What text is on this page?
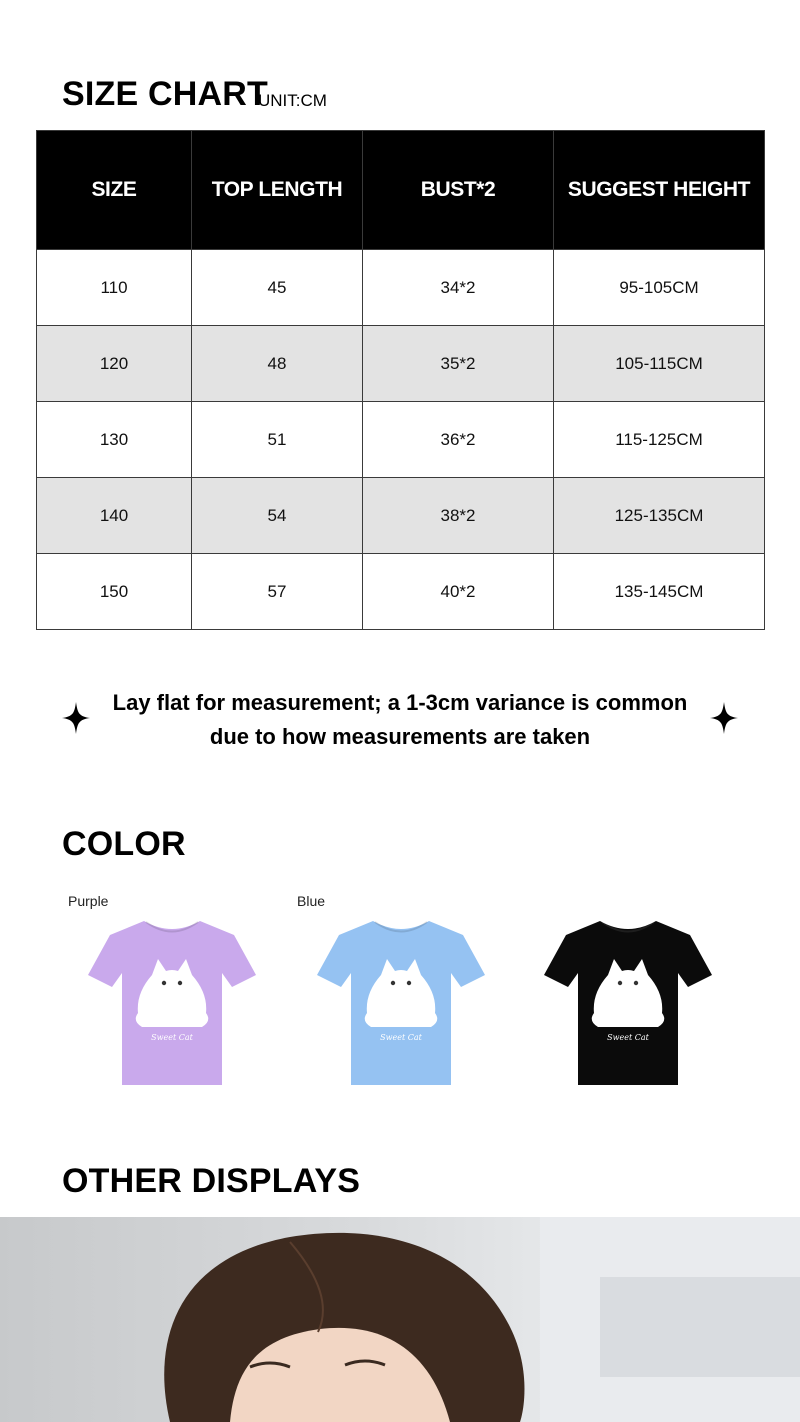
SIZE CHART
UNIT:CM
SIZE	TOP LENGTH	BUST*2	SUGGEST HEIGHT
110	45	34*2	95-105CM
120	48	35*2	105-115CM
130	51	36*2	115-125CM
140	54	38*2	125-135CM
150	57	40*2	135-145CM
Lay flat for measurement; a 1-3cm variance is common
due to how measurements are taken
COLOR
Purple	Blue
Sweet Cat	Sweet Cat	Sweet Cat
OTHER DISPLAYS
